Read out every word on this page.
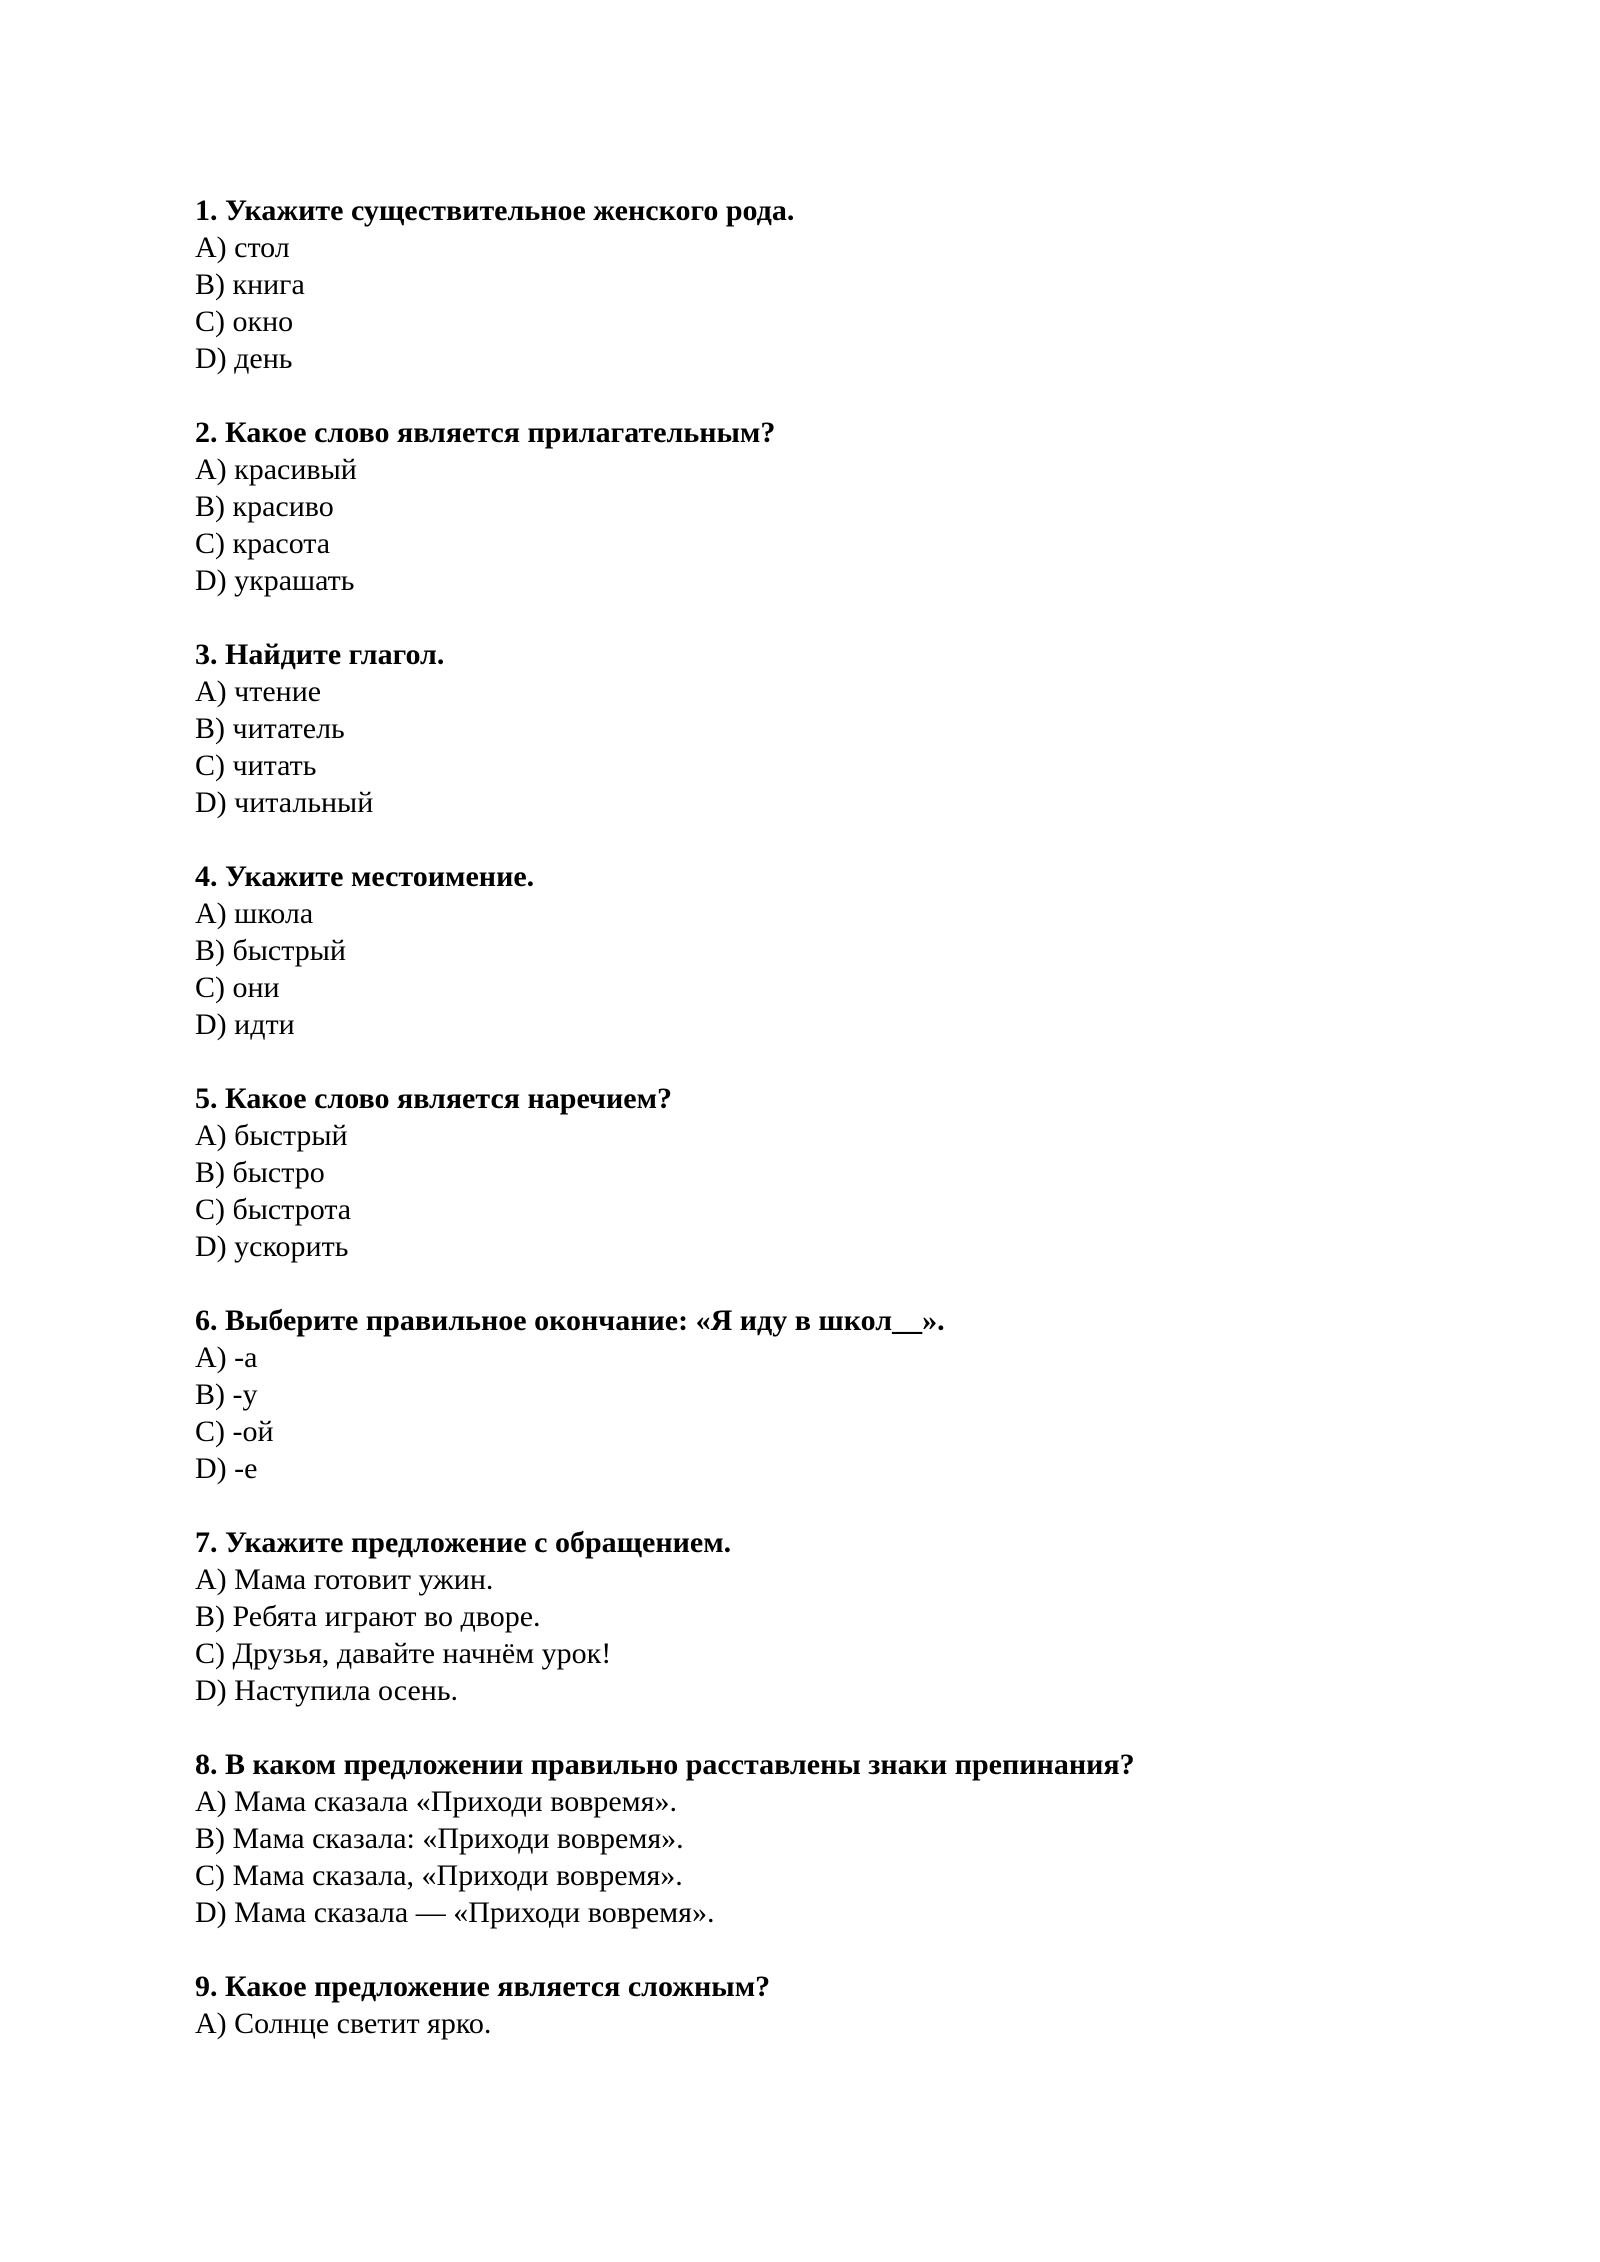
1. Укажите существительное женского рода.
A) стол
B) книга
C) окно
D) день
2. Какое слово является прилагательным?
A) красивый
B) красиво
C) красота
D) украшать
3. Найдите глагол.
A) чтение
B) читатель
C) читать
D) читальный
4. Укажите местоимение.
A) школа
B) быстрый
C) они
D) идти
5. Какое слово является наречием?
A) быстрый
B) быстро
C) быстрота
D) ускорить
6. Выберите правильное окончание: «Я иду в школ__».
A) -а
B) -у
C) -ой
D) -е
7. Укажите предложение с обращением.
A) Мама готовит ужин.
B) Ребята играют во дворе.
C) Друзья, давайте начнём урок!
D) Наступила осень.
8. В каком предложении правильно расставлены знаки препинания?
A) Мама сказала «Приходи вовремя».
B) Мама сказала: «Приходи вовремя».
C) Мама сказала, «Приходи вовремя».
D) Мама сказала — «Приходи вовремя».
9. Какое предложение является сложным?
A) Солнце светит ярко.
